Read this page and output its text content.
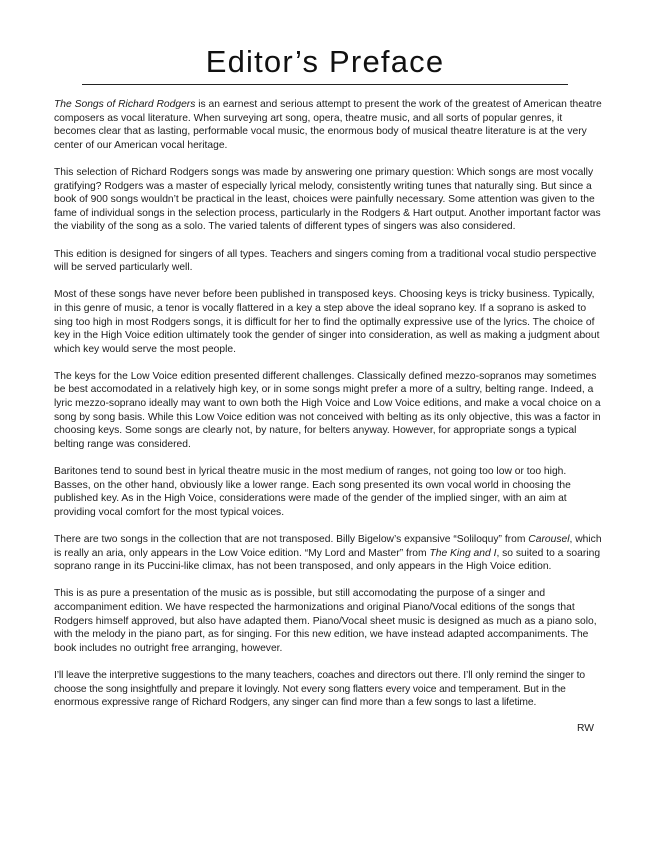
Editor’s Preface

The Songs of Richard Rodgers is an earnest and serious attempt to present the work of the greatest of American theatre composers as vocal literature. When surveying art song, opera, theatre music, and all sorts of popular genres, it becomes clear that as lasting, performable vocal music, the enormous body of musical theatre literature is at the very center of our American vocal heritage.

This selection of Richard Rodgers songs was made by answering one primary question: Which songs are most vocally gratifying? Rodgers was a master of especially lyrical melody, consistently writing tunes that naturally sing. But since a book of 900 songs wouldn’t be practical in the least, choices were painfully necessary. Some attention was given to the fame of individual songs in the selection process, particularly in the Rodgers & Hart output. Another important factor was the viability of the song as a solo. The varied talents of different types of singers was also considered.

This edition is designed for singers of all types. Teachers and singers coming from a traditional vocal studio perspective will be served particularly well.

Most of these songs have never before been published in transposed keys. Choosing keys is tricky business. Typically, in this genre of music, a tenor is vocally flattered in a key a step above the ideal soprano key. If a soprano is asked to sing too high in most Rodgers songs, it is difficult for her to find the optimally expressive use of the lyrics. The choice of key in the High Voice edition ultimately took the gender of singer into consideration, as well as making a judgment about which key would serve the most people.

The keys for the Low Voice edition presented different challenges. Classically defined mezzo-sopranos may sometimes be best accomodated in a relatively high key, or in some songs might prefer a more of a sultry, belting range. Indeed, a lyric mezzo-soprano ideally may want to own both the High Voice and Low Voice editions, and make a vocal choice on a song by song basis. While this Low Voice edition was not conceived with belting as its only objective, this was a factor in choosing keys. Some songs are clearly not, by nature, for belters anyway. However, for appropriate songs a typical belting range was considered.

Baritones tend to sound best in lyrical theatre music in the most medium of ranges, not going too low or too high. Basses, on the other hand, obviously like a lower range. Each song presented its own vocal world in choosing the published key. As in the High Voice, considerations were made of the gender of the implied singer, with an aim at providing vocal comfort for the most typical voices.

There are two songs in the collection that are not transposed. Billy Bigelow’s expansive “Soliloquy” from Carousel, which is really an aria, only appears in the Low Voice edition. “My Lord and Master” from The King and I, so suited to a soaring soprano range in its Puccini-like climax, has not been transposed, and only appears in the High Voice edition.

This is as pure a presentation of the music as is possible, but still accomodating the purpose of a singer and accompaniment edition. We have respected the harmonizations and original Piano/Vocal editions of the songs that Rodgers himself approved, but also have adapted them. Piano/Vocal sheet music is designed as much as a piano solo, with the melody in the piano part, as for singing. For this new edition, we have instead adapted accompaniments. The book includes no outright free arranging, however.

I’ll leave the interpretive suggestions to the many teachers, coaches and directors out there. I’ll only remind the singer to choose the song insightfully and prepare it lovingly. Not every song flatters every voice and temperament. But in the enormous expressive range of Richard Rodgers, any singer can find more than a few songs to last a lifetime.

RW
